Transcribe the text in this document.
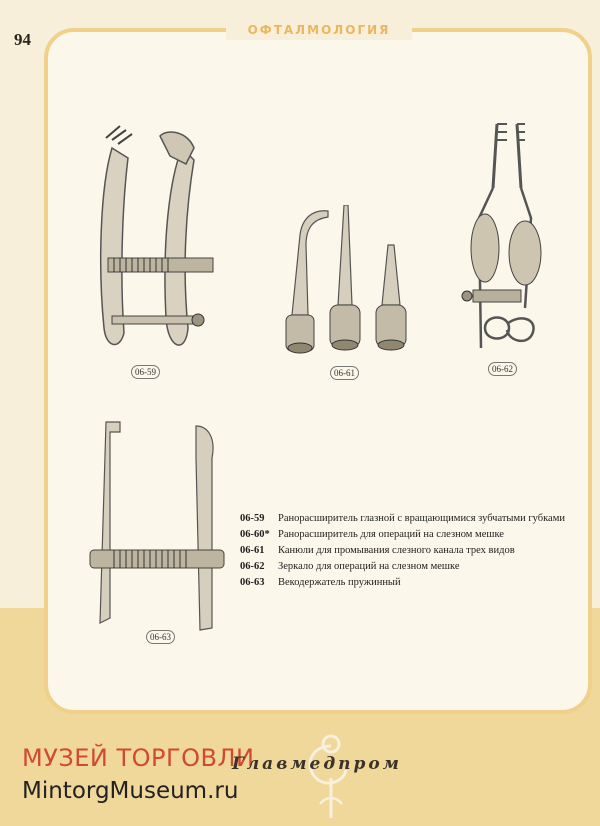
94	ОФТАЛМОЛОГИЯ
06-59	06-61	06-62
06-63
06-59	Ранорасширитель глазной с вращающимися зубчатыми губками
06-60* Ранорасширитель для операций на слезном мешке
06-61	Канюли для промывания слезного канала трех видов
06-62	Зеркало для операций на слезном мешке
06-63	Векодержатель пружинный
МУЗЕЙ ТОРГОВЛИ
Главмедпром
MintorgMuseum.ru
